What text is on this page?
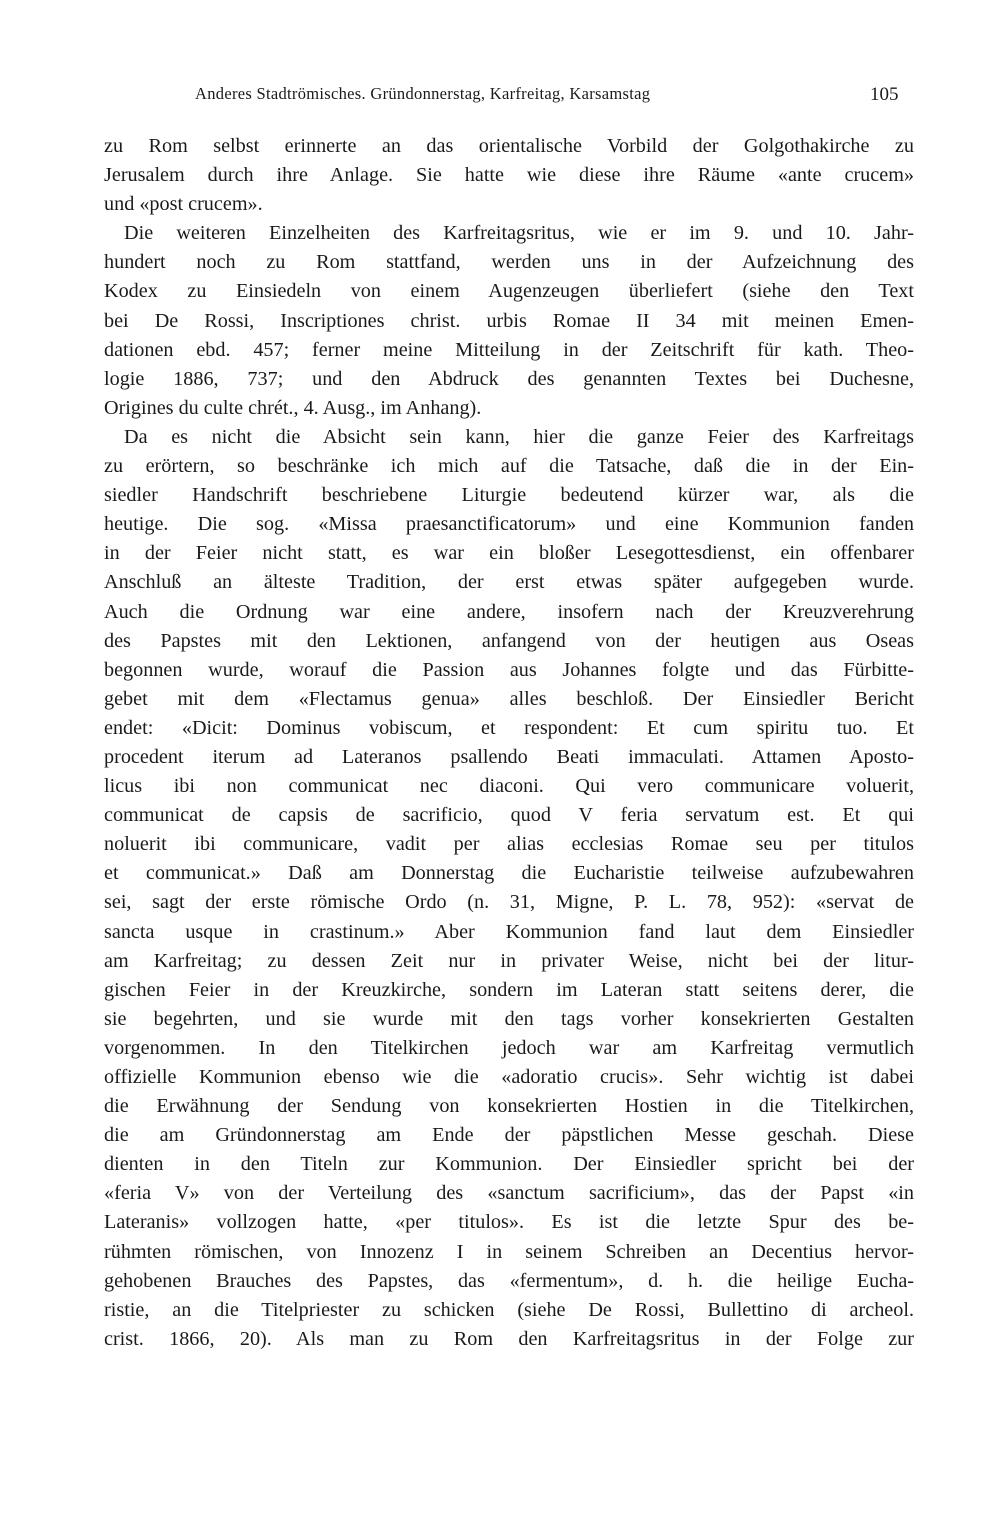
Anderes Stadtrömisches. Gründonnerstag, Karfreitag, Karsamstag	105
zu Rom selbst erinnerte an das orientalische Vorbild der Golgothakirche zu
Jerusalem durch ihre Anlage. Sie hatte wie diese ihre Räume «ante crucem»
und «post crucem».
Die weiteren Einzelheiten des Karfreitagsritus, wie er im 9. und 10. Jahr-
hundert noch zu Rom stattfand, werden uns in der Aufzeichnung des
Kodex zu Einsiedeln von einem Augenzeugen überliefert (siehe den Text
bei De Rossi, Inscriptiones christ. urbis Romae II 34 mit meinen Emen-
dationen ebd. 457; ferner meine Mitteilung in der Zeitschrift für kath. Theo-
logie 1886, 737; und den Abdruck des genannten Textes bei Duchesne,
Origines du culte chrét., 4. Ausg., im Anhang).
Da es nicht die Absicht sein kann, hier die ganze Feier des Karfreitags
zu erörtern, so beschränke ich mich auf die Tatsache, daß die in der Ein-
siedler Handschrift beschriebene Liturgie bedeutend kürzer war, als die
heutige. Die sog. «Missa praesanctificatorum» und eine Kommunion fanden
in der Feier nicht statt, es war ein bloßer Lesegottesdienst, ein offenbarer
Anschluß an älteste Tradition, der erst etwas später aufgegeben wurde.
Auch die Ordnung war eine andere, insofern nach der Kreuzverehrung
des Papstes mit den Lektionen, anfangend von der heutigen aus Oseas
begonnen wurde, worauf die Passion aus Johannes folgte und das Fürbitte-
gebet mit dem «Flectamus genua» alles beschloß. Der Einsiedler Bericht
endet: «Dicit: Dominus vobiscum, et respondent: Et cum spiritu tuo. Et
procedent iterum ad Lateranos psallendo Beati immaculati. Attamen Aposto-
licus ibi non communicat nec diaconi. Qui vero communicare voluerit,
communicat de capsis de sacrificio, quod V feria servatum est. Et qui
noluerit ibi communicare, vadit per alias ecclesias Romae seu per titulos
et communicat.» Daß am Donnerstag die Eucharistie teilweise aufzubewahren
sei, sagt der erste römische Ordo (n. 31, Migne, P. L. 78, 952): «servat de
sancta usque in crastinum.» Aber Kommunion fand laut dem Einsiedler
am Karfreitag; zu dessen Zeit nur in privater Weise, nicht bei der litur-
gischen Feier in der Kreuzkirche, sondern im Lateran statt seitens derer, die
sie begehrten, und sie wurde mit den tags vorher konsekrierten Gestalten
vorgenommen. In den Titelkirchen jedoch war am Karfreitag vermutlich
offizielle Kommunion ebenso wie die «adoratio crucis». Sehr wichtig ist dabei
die Erwähnung der Sendung von konsekrierten Hostien in die Titelkirchen,
die am Gründonnerstag am Ende der päpstlichen Messe geschah. Diese
dienten in den Titeln zur Kommunion. Der Einsiedler spricht bei der
«feria V» von der Verteilung des «sanctum sacrificium», das der Papst «in
Lateranis» vollzogen hatte, «per titulos». Es ist die letzte Spur des be-
rühmten römischen, von Innozenz I in seinem Schreiben an Decentius hervor-
gehobenen Brauches des Papstes, das «fermentum», d. h. die heilige Eucha-
ristie, an die Titelpriester zu schicken (siehe De Rossi, Bullettino di archeol.
crist. 1866, 20). Als man zu Rom den Karfreitagsritus in der Folge zur
